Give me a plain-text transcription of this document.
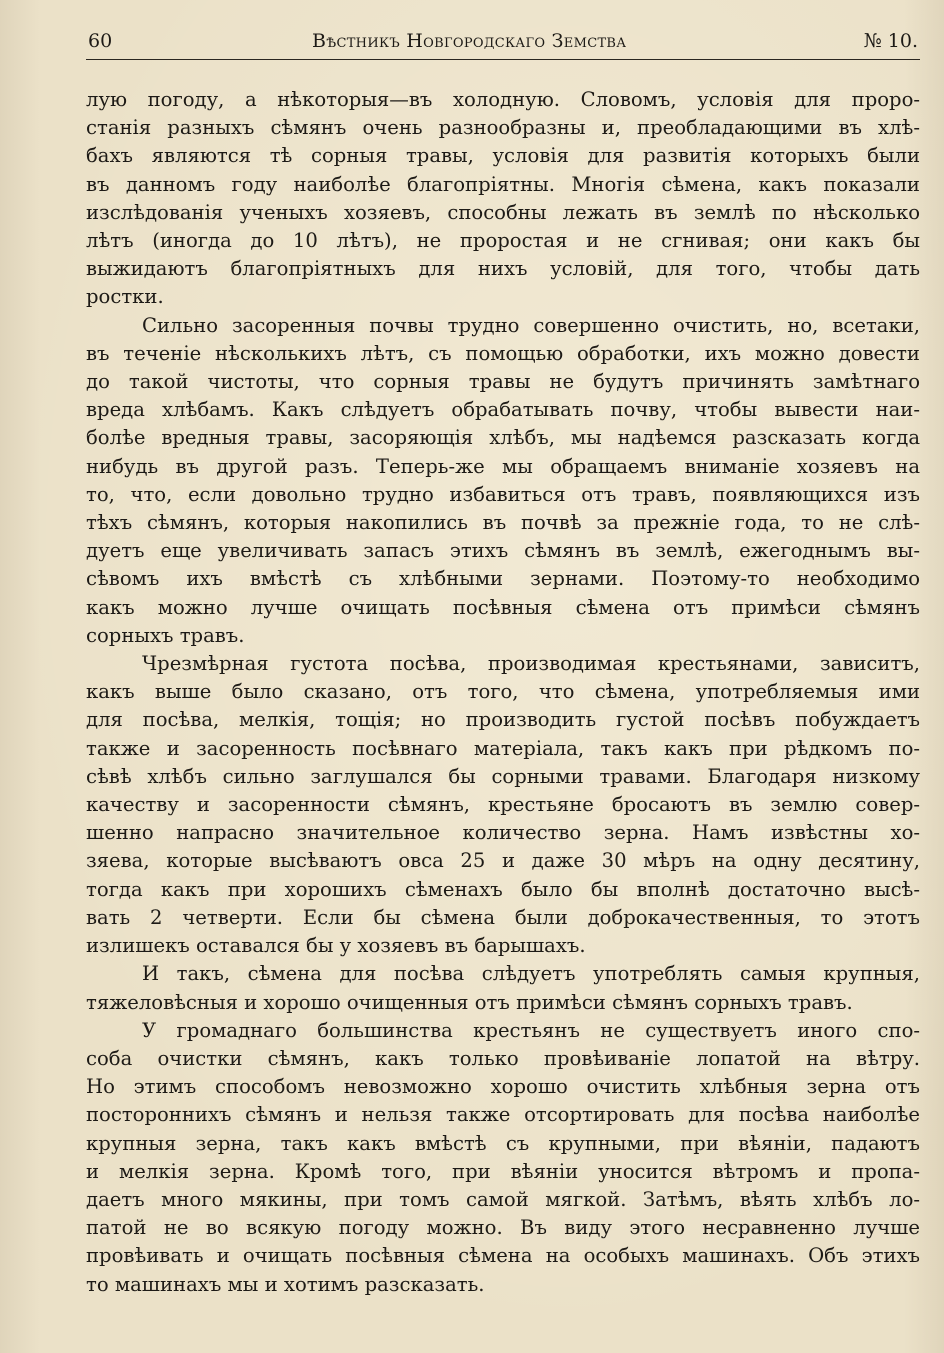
60	Вѣстникъ Новгородскаго Земства	№ 10.

лую погоду, а нѣкоторыя—въ холодную. Словомъ, условія для проро-
станія разныхъ сѣмянъ очень разнообразны и, преобладающими въ хлѣ-
бахъ являются тѣ сорныя травы, условія для развитія которыхъ были
въ данномъ году наиболѣе благопріятны. Многія сѣмена, какъ показали
изслѣдованія ученыхъ хозяевъ, способны лежать въ землѣ по нѣсколько
лѣтъ (иногда до 10 лѣтъ), не проростая и не сгнивая; они какъ бы
выжидаютъ благопріятныхъ для нихъ условій, для того, чтобы дать
ростки.

Сильно засоренныя почвы трудно совершенно очистить, но, всетаки,
въ теченіе нѣсколькихъ лѣтъ, съ помощью обработки, ихъ можно довести
до такой чистоты, что сорныя травы не будутъ причинять замѣтнаго
вреда хлѣбамъ. Какъ слѣдуетъ обрабатывать почву, чтобы вывести наи-
болѣе вредныя травы, засоряющія хлѣбъ, мы надѣемся разсказать когда
нибудь въ другой разъ. Теперь-же мы обращаемъ вниманіе хозяевъ на
то, что, если довольно трудно избавиться отъ травъ, появляющихся изъ
тѣхъ сѣмянъ, которыя накопились въ почвѣ за прежніе года, то не слѣ-
дуетъ еще увеличивать запасъ этихъ сѣмянъ въ землѣ, ежегоднымъ вы-
сѣвомъ ихъ вмѣстѣ съ хлѣбными зернами. Поэтому-то необходимо
какъ можно лучше очищать посѣвныя сѣмена отъ примѣси сѣмянъ
сорныхъ травъ.

Чрезмѣрная густота посѣва, производимая крестьянами, зависитъ,
какъ выше было сказано, отъ того, что сѣмена, употребляемыя ими
для посѣва, мелкія, тощія; но производить густой посѣвъ побуждаетъ
также и засоренность посѣвнаго матеріала, такъ какъ при рѣдкомъ по-
сѣвѣ хлѣбъ сильно заглушался бы сорными травами. Благодаря низкому
качеству и засоренности сѣмянъ, крестьяне бросаютъ въ землю совер-
шенно напрасно значительное количество зерна. Намъ извѣстны хо-
зяева, которые высѣваютъ овса 25 и даже 30 мѣръ на одну десятину,
тогда какъ при хорошихъ сѣменахъ было бы вполнѣ достаточно высѣ-
вать 2 четверти. Если бы сѣмена были доброкачественныя, то этотъ
излишекъ оставался бы у хозяевъ въ барышахъ.

И такъ, сѣмена для посѣва слѣдуетъ употреблять самыя крупныя,
тяжеловѣсныя и хорошо очищенныя отъ примѣси сѣмянъ сорныхъ травъ.

У громаднаго большинства крестьянъ не существуетъ иного спо-
соба очистки сѣмянъ, какъ только провѣиваніе лопатой на вѣтру.
Но этимъ способомъ невозможно хорошо очистить хлѣбныя зерна отъ
постороннихъ сѣмянъ и нельзя также отсортировать для посѣва наиболѣе
крупныя зерна, такъ какъ вмѣстѣ съ крупными, при вѣяніи, падаютъ
и мелкія зерна. Кромѣ того, при вѣяніи уносится вѣтромъ и пропа-
даетъ много мякины, при томъ самой мягкой. Затѣмъ, вѣять хлѣбъ ло-
патой не во всякую погоду можно. Въ виду этого несравненно лучше
провѣивать и очищать посѣвныя сѣмена на особыхъ машинахъ. Объ этихъ
то машинахъ мы и хотимъ разсказать.
